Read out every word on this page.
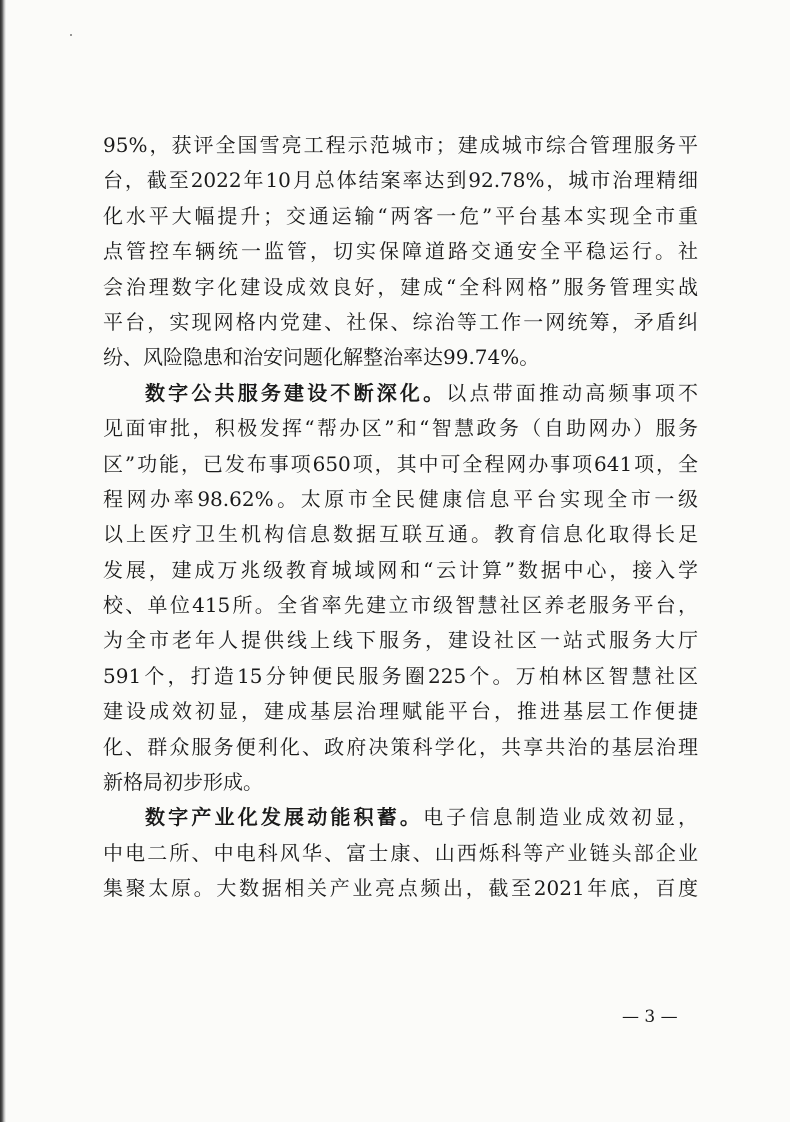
95%，获评全国雪亮工程示范城市；建成城市综合管理服务平
台，截至2022年10月总体结案率达到92.78%，城市治理精细
化水平大幅提升；交通运输“两客一危”平台基本实现全市重
点管控车辆统一监管，切实保障道路交通安全平稳运行。社
会治理数字化建设成效良好，建成“全科网格”服务管理实战
平台，实现网格内党建、社保、综治等工作一网统筹，矛盾纠
纷、风险隐患和治安问题化解整治率达99.74%。
数字公共服务建设不断深化。以点带面推动高频事项不
见面审批，积极发挥“帮办区”和“智慧政务（自助网办）服务
区”功能，已发布事项650项，其中可全程网办事项641项，全
程网办率98.62%。太原市全民健康信息平台实现全市一级
以上医疗卫生机构信息数据互联互通。教育信息化取得长足
发展，建成万兆级教育城域网和“云计算”数据中心，接入学
校、单位415所。全省率先建立市级智慧社区养老服务平台，
为全市老年人提供线上线下服务，建设社区一站式服务大厅
591个，打造15分钟便民服务圈225个。万柏林区智慧社区
建设成效初显，建成基层治理赋能平台，推进基层工作便捷
化、群众服务便利化、政府决策科学化，共享共治的基层治理
新格局初步形成。
数字产业化发展动能积蓄。电子信息制造业成效初显，
中电二所、中电科风华、富士康、山西烁科等产业链头部企业
集聚太原。大数据相关产业亮点频出，截至2021年底，百度
— 3 —
